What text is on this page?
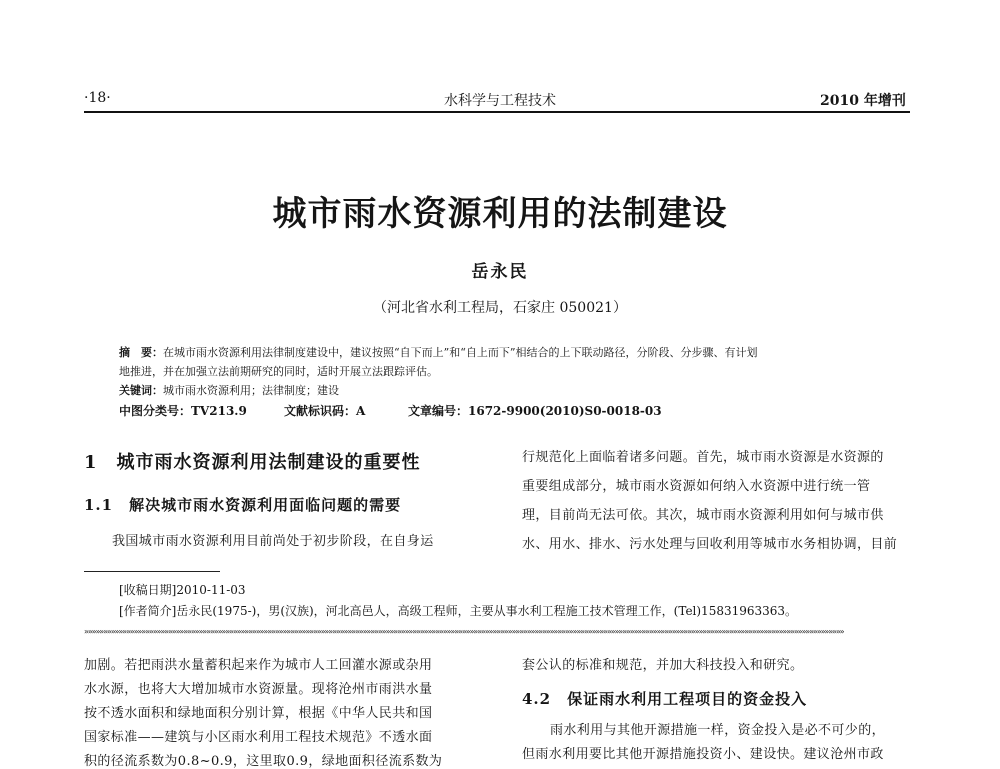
·18·	水科学与工程技术	2010 年增刊
城市雨水资源利用的法制建设
岳永民
（河北省水利工程局，石家庄 050021）
摘　要：在城市雨水资源利用法律制度建设中，建议按照“自下而上”和“自上而下”相结合的上下联动路径，分阶段、分步骤、有计划
地推进，并在加强立法前期研究的同时，适时开展立法跟踪评估。
关键词：城市雨水资源利用；法律制度；建设
中图分类号：TV213.9	文献标识码：A	文章编号：1672-9900(2010)S0-0018-03
1　城市雨水资源利用法制建设的重要性
1.1　解决城市雨水资源利用面临问题的需要
我国城市雨水资源利用目前尚处于初步阶段，在自身运
行规范化上面临着诸多问题。首先，城市雨水资源是水资源的
重要组成部分，城市雨水资源如何纳入水资源中进行统一管
理，目前尚无法可依。其次，城市雨水资源利用如何与城市供
水、用水、排水、污水处理与回收利用等城市水务相协调，目前
[收稿日期]2010-11-03
[作者简介]岳永民(1975-)，男(汉族)，河北高邑人，高级工程师，主要从事水利工程施工技术管理工作，(Tel)15831963363。
»»»»»»»»»»»»»»»»»»»»»»»»»»»»»»»»»»»»»»»»»»»»»»»»»»»»»»»»»»»»»»»»»»»»»»»»»»»»»»»»»»»»»»»»»»»»»»»»»»»»»»»»»»»»»»»»»»»»»»»»»»»»»»»»»»»»»»»»»»»»»»»»»»»»»»»»»»»»»»»»»»»»»»»»»»»»»»»»»»»»»»»»»»»»»»»»»»»»»»»
加剧。若把雨洪水量蓄积起来作为城市人工回灌水源或杂用
水水源，也将大大增加城市水资源量。现将沧州市雨洪水量
按不透水面积和绿地面积分别计算，根据《中华人民共和国
国家标准——建筑与小区雨水利用工程技术规范》不透水面
积的径流系数为0.8~0.9，这里取0.9，绿地面积径流系数为
套公认的标准和规范，并加大科技投入和研究。
4.2　保证雨水利用工程项目的资金投入
雨水利用与其他开源措施一样，资金投入是必不可少的，
但雨水利用要比其他开源措施投资小、建设快。建议沧州市政
